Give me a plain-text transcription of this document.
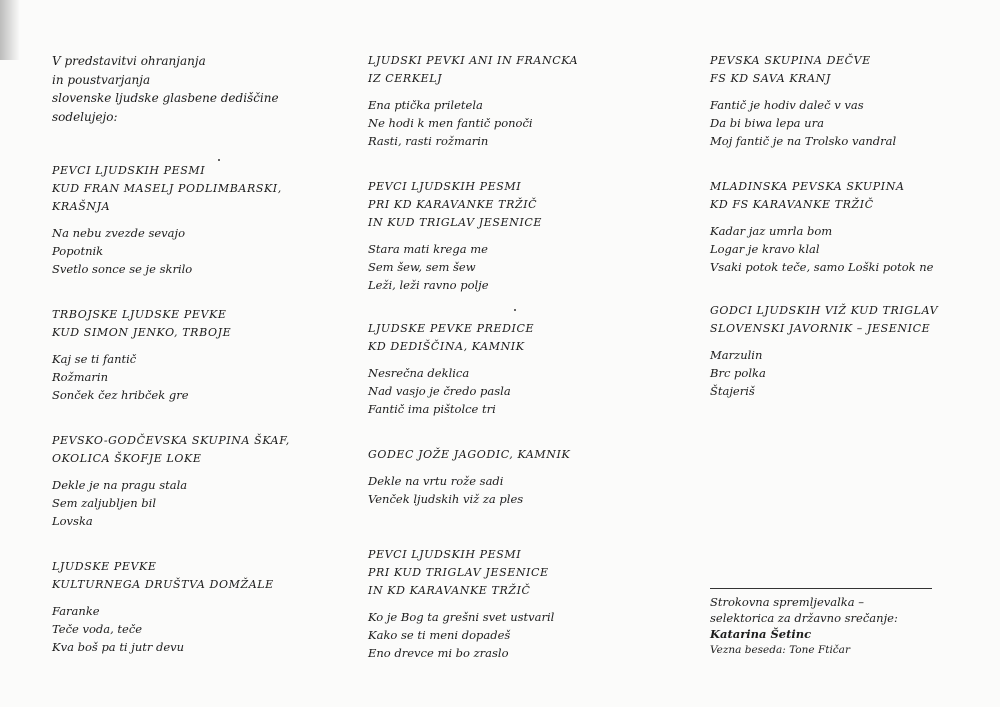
V predstavitvi ohranjanja
in poustvarjanja
slovenske ljudske glasbene dediščine
sodelujejo:
PEVCI LJUDSKIH PESMI
KUD FRAN MASELJ PODLIMBARSKI,
KRAŠNJA
Na nebu zvezde sevajo
Popotnik
Svetlo sonce se je skrilo
TRBOJSKE LJUDSKE PEVKE
KUD SIMON JENKO, TRBOJE
Kaj se ti fantič
Rožmarin
Sonček čez hribček gre
PEVSKO-GODČEVSKA SKUPINA ŠKAF,
OKOLICA ŠKOFJE LOKE
Dekle je na pragu stala
Sem zaljubljen bil
Lovska
LJUDSKE PEVKE
KULTURNEGA DRUŠTVA DOMŽALE
Faranke
Teče voda, teče
Kva boš pa ti jutr devu
LJUDSKI PEVKI ANI IN FRANCKA
IZ CERKELJ
Ena ptička priletela
Ne hodi k men fantič ponoči
Rasti, rasti rožmarin
PEVCI LJUDSKIH PESMI
PRI KD KARAVANKE TRŽIČ
IN KUD TRIGLAV JESENICE
Stara mati krega me
Sem šew, sem šew
Leži, leži ravno polje
LJUDSKE PEVKE PREDICE
KD DEDIŠČINA, KAMNIK
Nesrečna deklica
Nad vasjo je čredo pasla
Fantič ima pištolce tri
GODEC JOŽE JAGODIC, KAMNIK
Dekle na vrtu rože sadi
Venček ljudskih viž za ples
PEVCI LJUDSKIH PESMI
PRI KUD TRIGLAV JESENICE
IN KD KARAVANKE TRŽIČ
Ko je Bog ta grešni svet ustvaril
Kako se ti meni dopadeš
Eno drevce mi bo zraslo
PEVSKA SKUPINA DEČVE
FS KD SAVA KRANJ
Fantič je hodiv daleč v vas
Da bi biwa lepa ura
Moj fantič je na Trolsko vandral
MLADINSKA PEVSKA SKUPINA
KD FS KARAVANKE TRŽIČ
Kadar jaz umrla bom
Logar je kravo klal
Vsaki potok teče, samo Loški potok ne
GODCI LJUDSKIH VIŽ KUD TRIGLAV
SLOVENSKI JAVORNIK – JESENICE
Marzulin
Brc polka
Štajeriš
Strokovna spremljevalka –
selektorica za državno srečanje:
Katarina Šetinc
Vezna beseda: Tone Ftičar
